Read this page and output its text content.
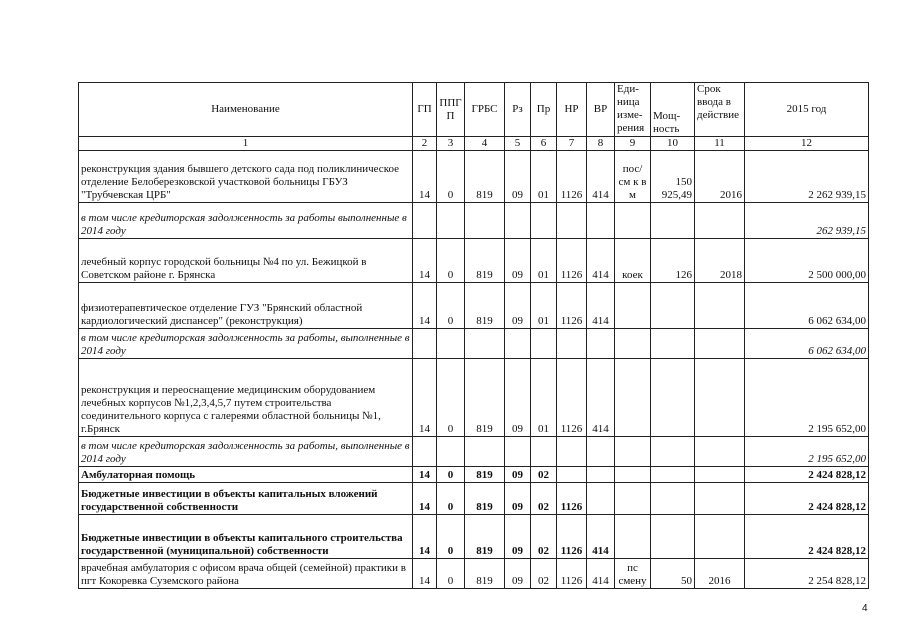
Наименование	ГП	ППГ П	ГРБС	Рз	Пр	НР	ВР	Еди- ница изме- рения	Мощ- ность	Срок ввода в действие	2015 год
1	2	3	4	5	6	7	8	9	10	11	12
реконструкция здания бывшего детского сада под поликлиническое отделение Белоберезковской участковой больницы ГБУЗ "Трубчевская ЦРБ"	14	0	819	09	01	1126	414	пос/см к в м	150 925,49	2016	2 262 939,15
в том числе кредиторская задолженность за работы выполненные в 2014 году											262 939,15
лечебный корпус городской больницы №4 по ул. Бежицкой в Советском районе г. Брянска	14	0	819	09	01	1126	414	коек	126	2018	2 500 000,00
физиотерапевтическое отделение ГУЗ "Брянский областной кардиологический диспансер" (реконструкция)	14	0	819	09	01	1126	414				6 062 634,00
в том числе кредиторская задолженность за работы, выполненные в 2014 году											6 062 634,00
реконструкция и переоснащение медицинским оборудованием лечебных корпусов №1,2,3,4,5,7 путем строительства соединительного корпуса с галереями областной больницы №1, г.Брянск	14	0	819	09	01	1126	414				2 195 652,00
в том числе кредиторская задолженность за работы, выполненные в 2014 году											2 195 652,00
Амбулаторная помощь	14	0	819	09	02						2 424 828,12
Бюджетные инвестиции в объекты капитальных вложений государственной собственности	14	0	819	09	02	1126					2 424 828,12
Бюджетные инвестиции в объекты капитального строительства государственной (муниципальной) собственности	14	0	819	09	02	1126	414				2 424 828,12
врачебная амбулатория с офисом врача общей (семейной) практики в пгт Кокоревка Суземского района	14	0	819	09	02	1126	414	пс смену	50	2016	2 254 828,12
4
